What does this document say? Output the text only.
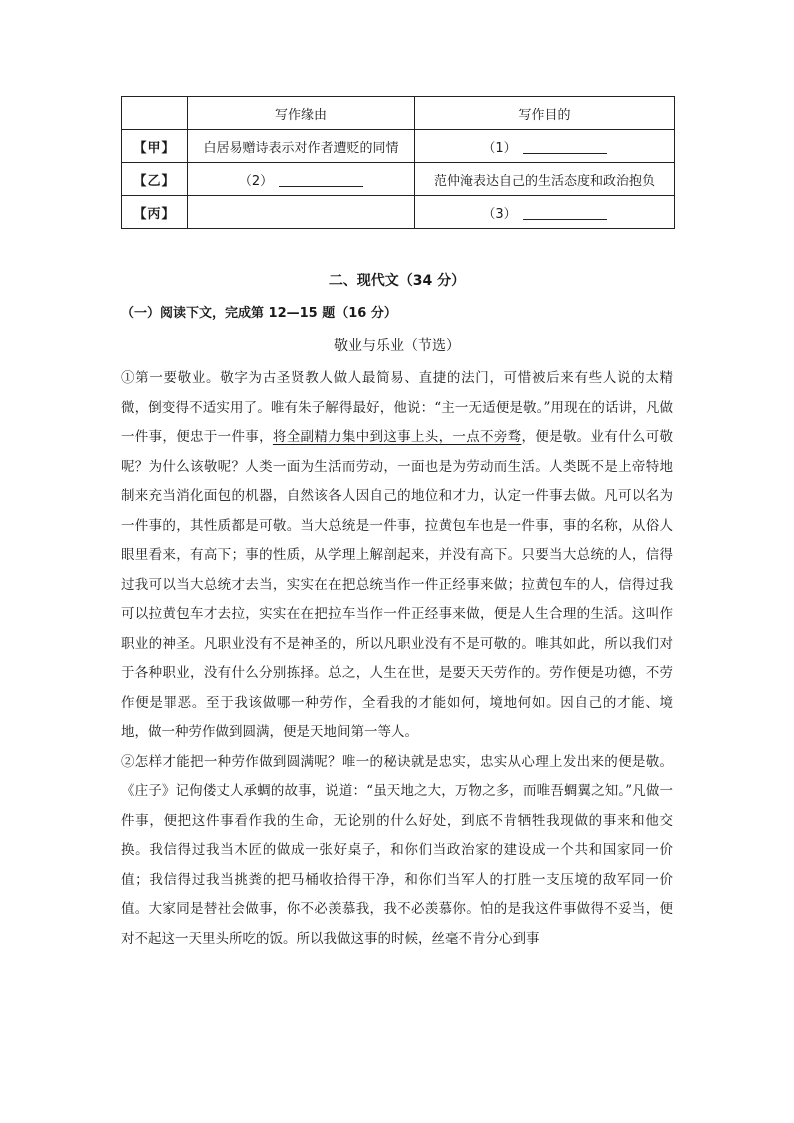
	写作缘由	写作目的
【甲】	白居易赠诗表示对作者遭贬的同情	（1）
【乙】	（2）	范仲淹表达自己的生活态度和政治抱负
【丙】		（3）
二、现代文（34 分）
（一）阅读下文，完成第 12—15 题（16 分）
敬业与乐业（节选）

①第一要敬业。敬字为古圣贤教人做人最简易、直捷的法门，可惜被后来有些人说的太精微，倒变得不适实用了。唯有朱子解得最好，他说：“主一无适便是敬。”用现在的话讲，凡做一件事，便忠于一件事，将全副精力集中到这事上头，一点不旁骛，便是敬。业有什么可敬呢？为什么该敬呢？人类一面为生活而劳动，一面也是为劳动而生活。人类既不是上帝特地制来充当消化面包的机器，自然该各人因自己的地位和才力，认定一件事去做。凡可以名为一件事的，其性质都是可敬。当大总统是一件事，拉黄包车也是一件事，事的名称，从俗人眼里看来，有高下；事的性质，从学理上解剖起来，并没有高下。只要当大总统的人，信得过我可以当大总统才去当，实实在在把总统当作一件正经事来做；拉黄包车的人，信得过我可以拉黄包车才去拉，实实在在把拉车当作一件正经事来做，便是人生合理的生活。这叫作职业的神圣。凡职业没有不是神圣的，所以凡职业没有不是可敬的。唯其如此，所以我们对于各种职业，没有什么分别拣择。总之，人生在世，是要天天劳作的。劳作便是功德，不劳作便是罪恶。至于我该做哪一种劳作，全看我的才能如何，境地何如。因自己的才能、境地，做一种劳作做到圆满，便是天地间第一等人。

②怎样才能把一种劳作做到圆满呢？唯一的秘诀就是忠实，忠实从心理上发出来的便是敬。《庄子》记佝偻丈人承蜩的故事，说道：“虽天地之大，万物之多，而唯吾蜩翼之知。”凡做一件事，便把这件事看作我的生命，无论别的什么好处，到底不肯牺牲我现做的事来和他交换。我信得过我当木匠的做成一张好桌子，和你们当政治家的建设成一个共和国家同一价值；我信得过我当挑粪的把马桶收拾得干净，和你们当军人的打胜一支压境的敌军同一价值。大家同是替社会做事，你不必羡慕我，我不必羡慕你。怕的是我这件事做得不妥当，便对不起这一天里头所吃的饭。所以我做这事的时候，丝毫不肯分心到事
